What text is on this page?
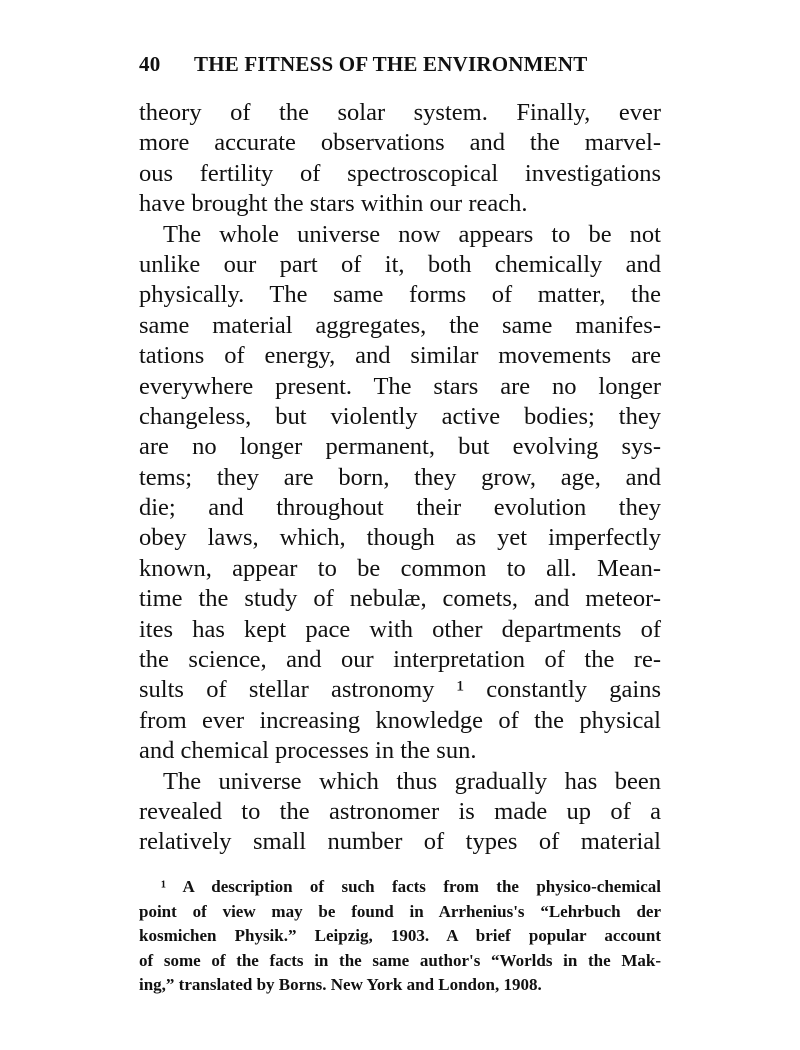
40 THE FITNESS OF THE ENVIRONMENT
theory of the solar system. Finally, ever
more accurate observations and the marvel-
ous fertility of spectroscopical investigations
have brought the stars within our reach.
The whole universe now appears to be not
unlike our part of it, both chemically and
physically. The same forms of matter, the
same material aggregates, the same manifes-
tations of energy, and similar movements are
everywhere present. The stars are no longer
changeless, but violently active bodies; they
are no longer permanent, but evolving sys-
tems; they are born, they grow, age, and
die; and throughout their evolution they
obey laws, which, though as yet imperfectly
known, appear to be common to all. Mean-
time the study of nebulæ, comets, and meteor-
ites has kept pace with other departments of
the science, and our interpretation of the re-
sults of stellar astronomy ¹ constantly gains
from ever increasing knowledge of the physical
and chemical processes in the sun.
The universe which thus gradually has been
revealed to the astronomer is made up of a
relatively small number of types of material
¹ A description of such facts from the physico-chemical
point of view may be found in Arrhenius's “Lehrbuch der
kosmichen Physik.” Leipzig, 1903. A brief popular account
of some of the facts in the same author's “Worlds in the Mak-
ing,” translated by Borns. New York and London, 1908.
